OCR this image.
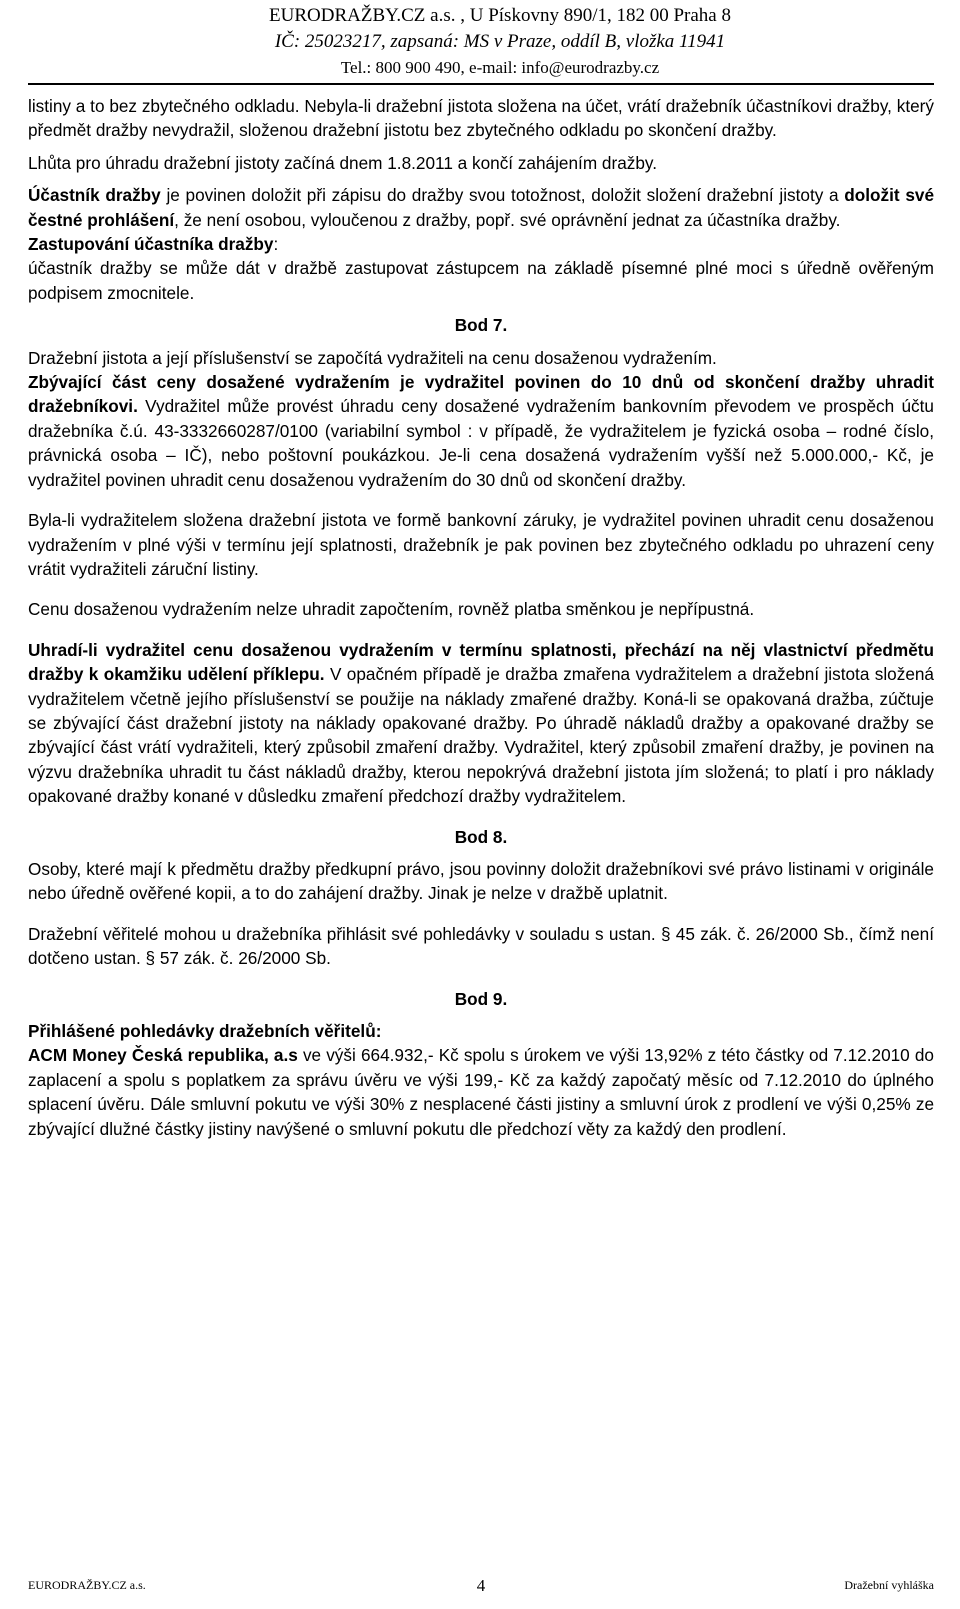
EURODRAŽBY.CZ a.s. , U Pískovny 890/1, 182 00 Praha 8
IČ: 25023217, zapsaná: MS v Praze, oddíl B, vložka 11941
Tel.: 800 900 490, e-mail: info@eurodrazby.cz

listiny a to bez zbytečného odkladu. Nebyla-li dražební jistota složena na účet, vrátí dražebník účastníkovi dražby, který předmět dražby nevydražil, složenou dražební jistotu bez zbytečného odkladu po skončení dražby.

Lhůta pro úhradu dražební jistoty začíná dnem 1.8.2011 a končí zahájením dražby.

Účastník dražby je povinen doložit při zápisu do dražby svou totožnost, doložit složení dražební jistoty a doložit své čestné prohlášení, že není osobou, vyloučenou z dražby, popř. své oprávnění jednat za účastníka dražby.

Zastupování účastníka dražby:

účastník dražby se může dát v dražbě zastupovat zástupcem na základě písemné plné moci s úředně ověřeným podpisem zmocnitele.

Bod 7.

Dražební jistota a její příslušenství se započítá vydražiteli na cenu dosaženou vydražením.

Zbývající část ceny dosažené vydražením je vydražitel povinen do 10 dnů od skončení dražby uhradit dražebníkovi. Vydražitel může provést úhradu ceny dosažené vydražením bankovním převodem ve prospěch účtu dražebníka č.ú. 43-3332660287/0100 (variabilní symbol : v případě, že vydražitelem je fyzická osoba – rodné číslo, právnická osoba – IČ), nebo poštovní poukázkou. Je-li cena dosažená vydražením vyšší než 5.000.000,- Kč, je vydražitel povinen uhradit cenu dosaženou vydražením do 30 dnů od skončení dražby.

Byla-li vydražitelem složena dražební jistota ve formě bankovní záruky, je vydražitel povinen uhradit cenu dosaženou vydražením v plné výši v termínu její splatnosti, dražebník je pak povinen bez zbytečného odkladu po uhrazení ceny vrátit vydražiteli záruční listiny.

Cenu dosaženou vydražením nelze uhradit započtením, rovněž platba směnkou je nepřípustná.

Uhradí-li vydražitel cenu dosaženou vydražením v termínu splatnosti, přechází na něj vlastnictví předmětu dražby k okamžiku udělení příklepu. V opačném případě je dražba zmařena vydražitelem a dražební jistota složená vydražitelem včetně jejího příslušenství se použije na náklady zmařené dražby. Koná-li se opakovaná dražba, zúčtuje se zbývající část dražební jistoty na náklady opakované dražby. Po úhradě nákladů dražby a opakované dražby se zbývající část vrátí vydražiteli, který způsobil zmaření dražby. Vydražitel, který způsobil zmaření dražby, je povinen na výzvu dražebníka uhradit tu část nákladů dražby, kterou nepokrývá dražební jistota jím složená; to platí i pro náklady opakované dražby konané v důsledku zmaření předchozí dražby vydražitelem.

Bod 8.

Osoby, které mají k předmětu dražby předkupní právo, jsou povinny doložit dražebníkovi své právo listinami v originále nebo úředně ověřené kopii, a to do zahájení dražby. Jinak je nelze v dražbě uplatnit.

Dražební věřitelé mohou u dražebníka přihlásit své pohledávky v souladu s ustan. § 45 zák. č. 26/2000 Sb., čímž není dotčeno ustan. § 57 zák. č. 26/2000 Sb.

Bod 9.

Přihlášené pohledávky dražebních věřitelů:

ACM Money Česká republika, a.s ve výši 664.932,- Kč spolu s úrokem ve výši 13,92% z této částky od 7.12.2010 do zaplacení a spolu s poplatkem za správu úvěru ve výši 199,- Kč za každý započatý měsíc od 7.12.2010 do úplného splacení úvěru. Dále smluvní pokutu ve výši 30% z nesplacené části jistiny a smluvní úrok z prodlení ve výši 0,25% ze zbývající dlužné částky jistiny navýšené o smluvní pokutu dle předchozí věty za každý den prodlení.

EURODRAŽBY.CZ a.s.	4	Dražební vyhláška
